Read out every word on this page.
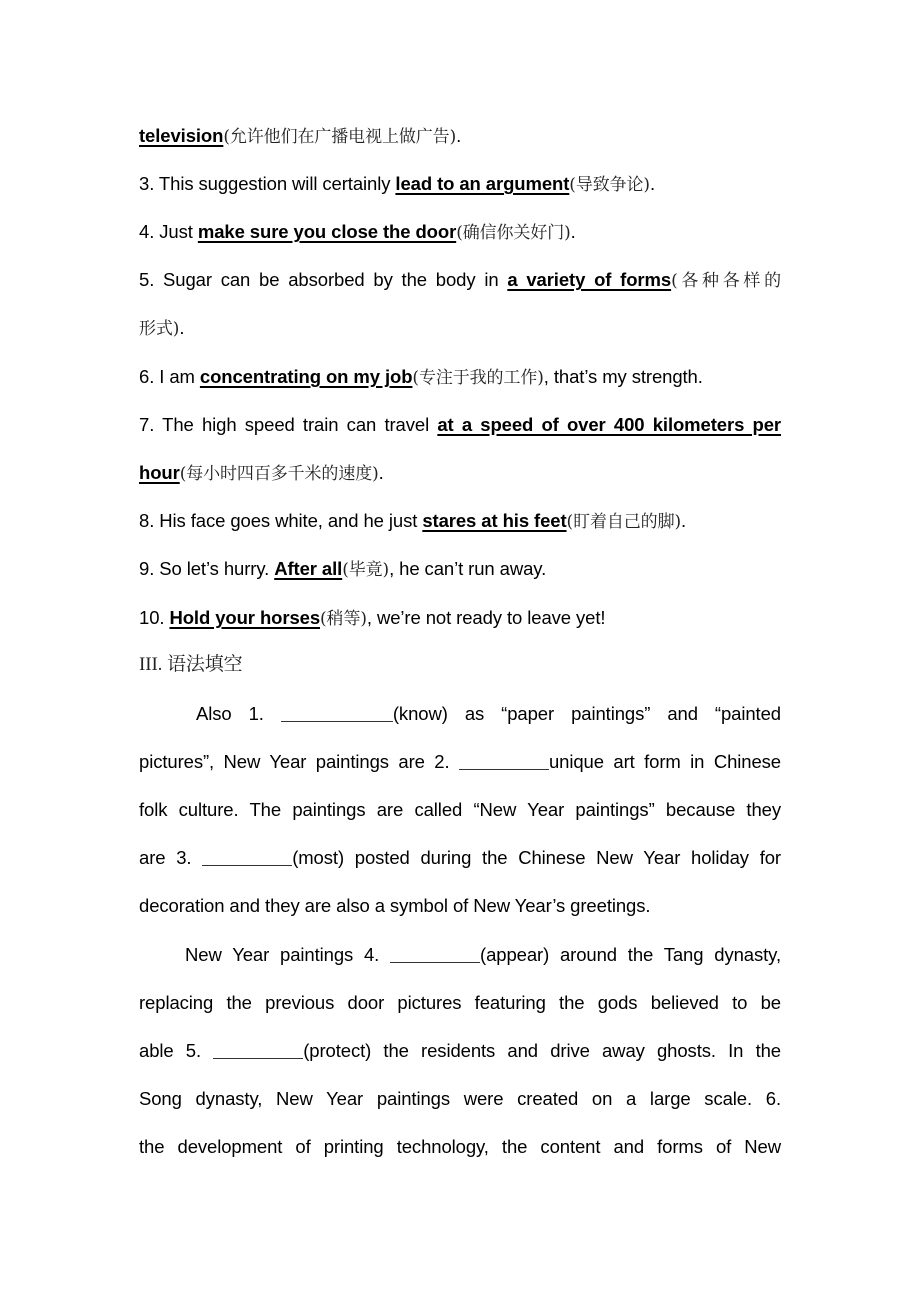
television(允许他们在广播电视上做广告).
3. This suggestion will certainly lead to an argument(导致争论).
4. Just make sure you close the door(确信你关好门).
5. Sugar can be absorbed by the body in a variety of forms(各种各样的
形式).
6. I am concentrating on my job(专注于我的工作), that’s my strength.
7. The high speed train can travel at a speed of over 400 kilometers per
hour(每小时四百多千米的速度).
8. His face goes white, and he just stares at his feet(盯着自己的脚).
9. So let’s hurry. After all(毕竟), he can’t run away.
10. Hold your horses(稍等), we’re not ready to leave yet!
III. 语法填空
Also 1.	(know) as “paper paintings” and “painted
pictures”, New Year paintings are 2.	unique art form in Chinese
folk culture. The paintings are called “New Year paintings” because they
are 3.	(most) posted during the Chinese New Year holiday for
decoration and they are also a symbol of New Year’s greetings.
New Year paintings 4.	(appear) around the Tang dynasty,
replacing the previous door pictures featuring the gods believed to be
able 5.	(protect) the residents and drive away ghosts. In the
Song dynasty, New Year paintings were created on a large scale. 6.
the development of printing technology, the content and forms of New
